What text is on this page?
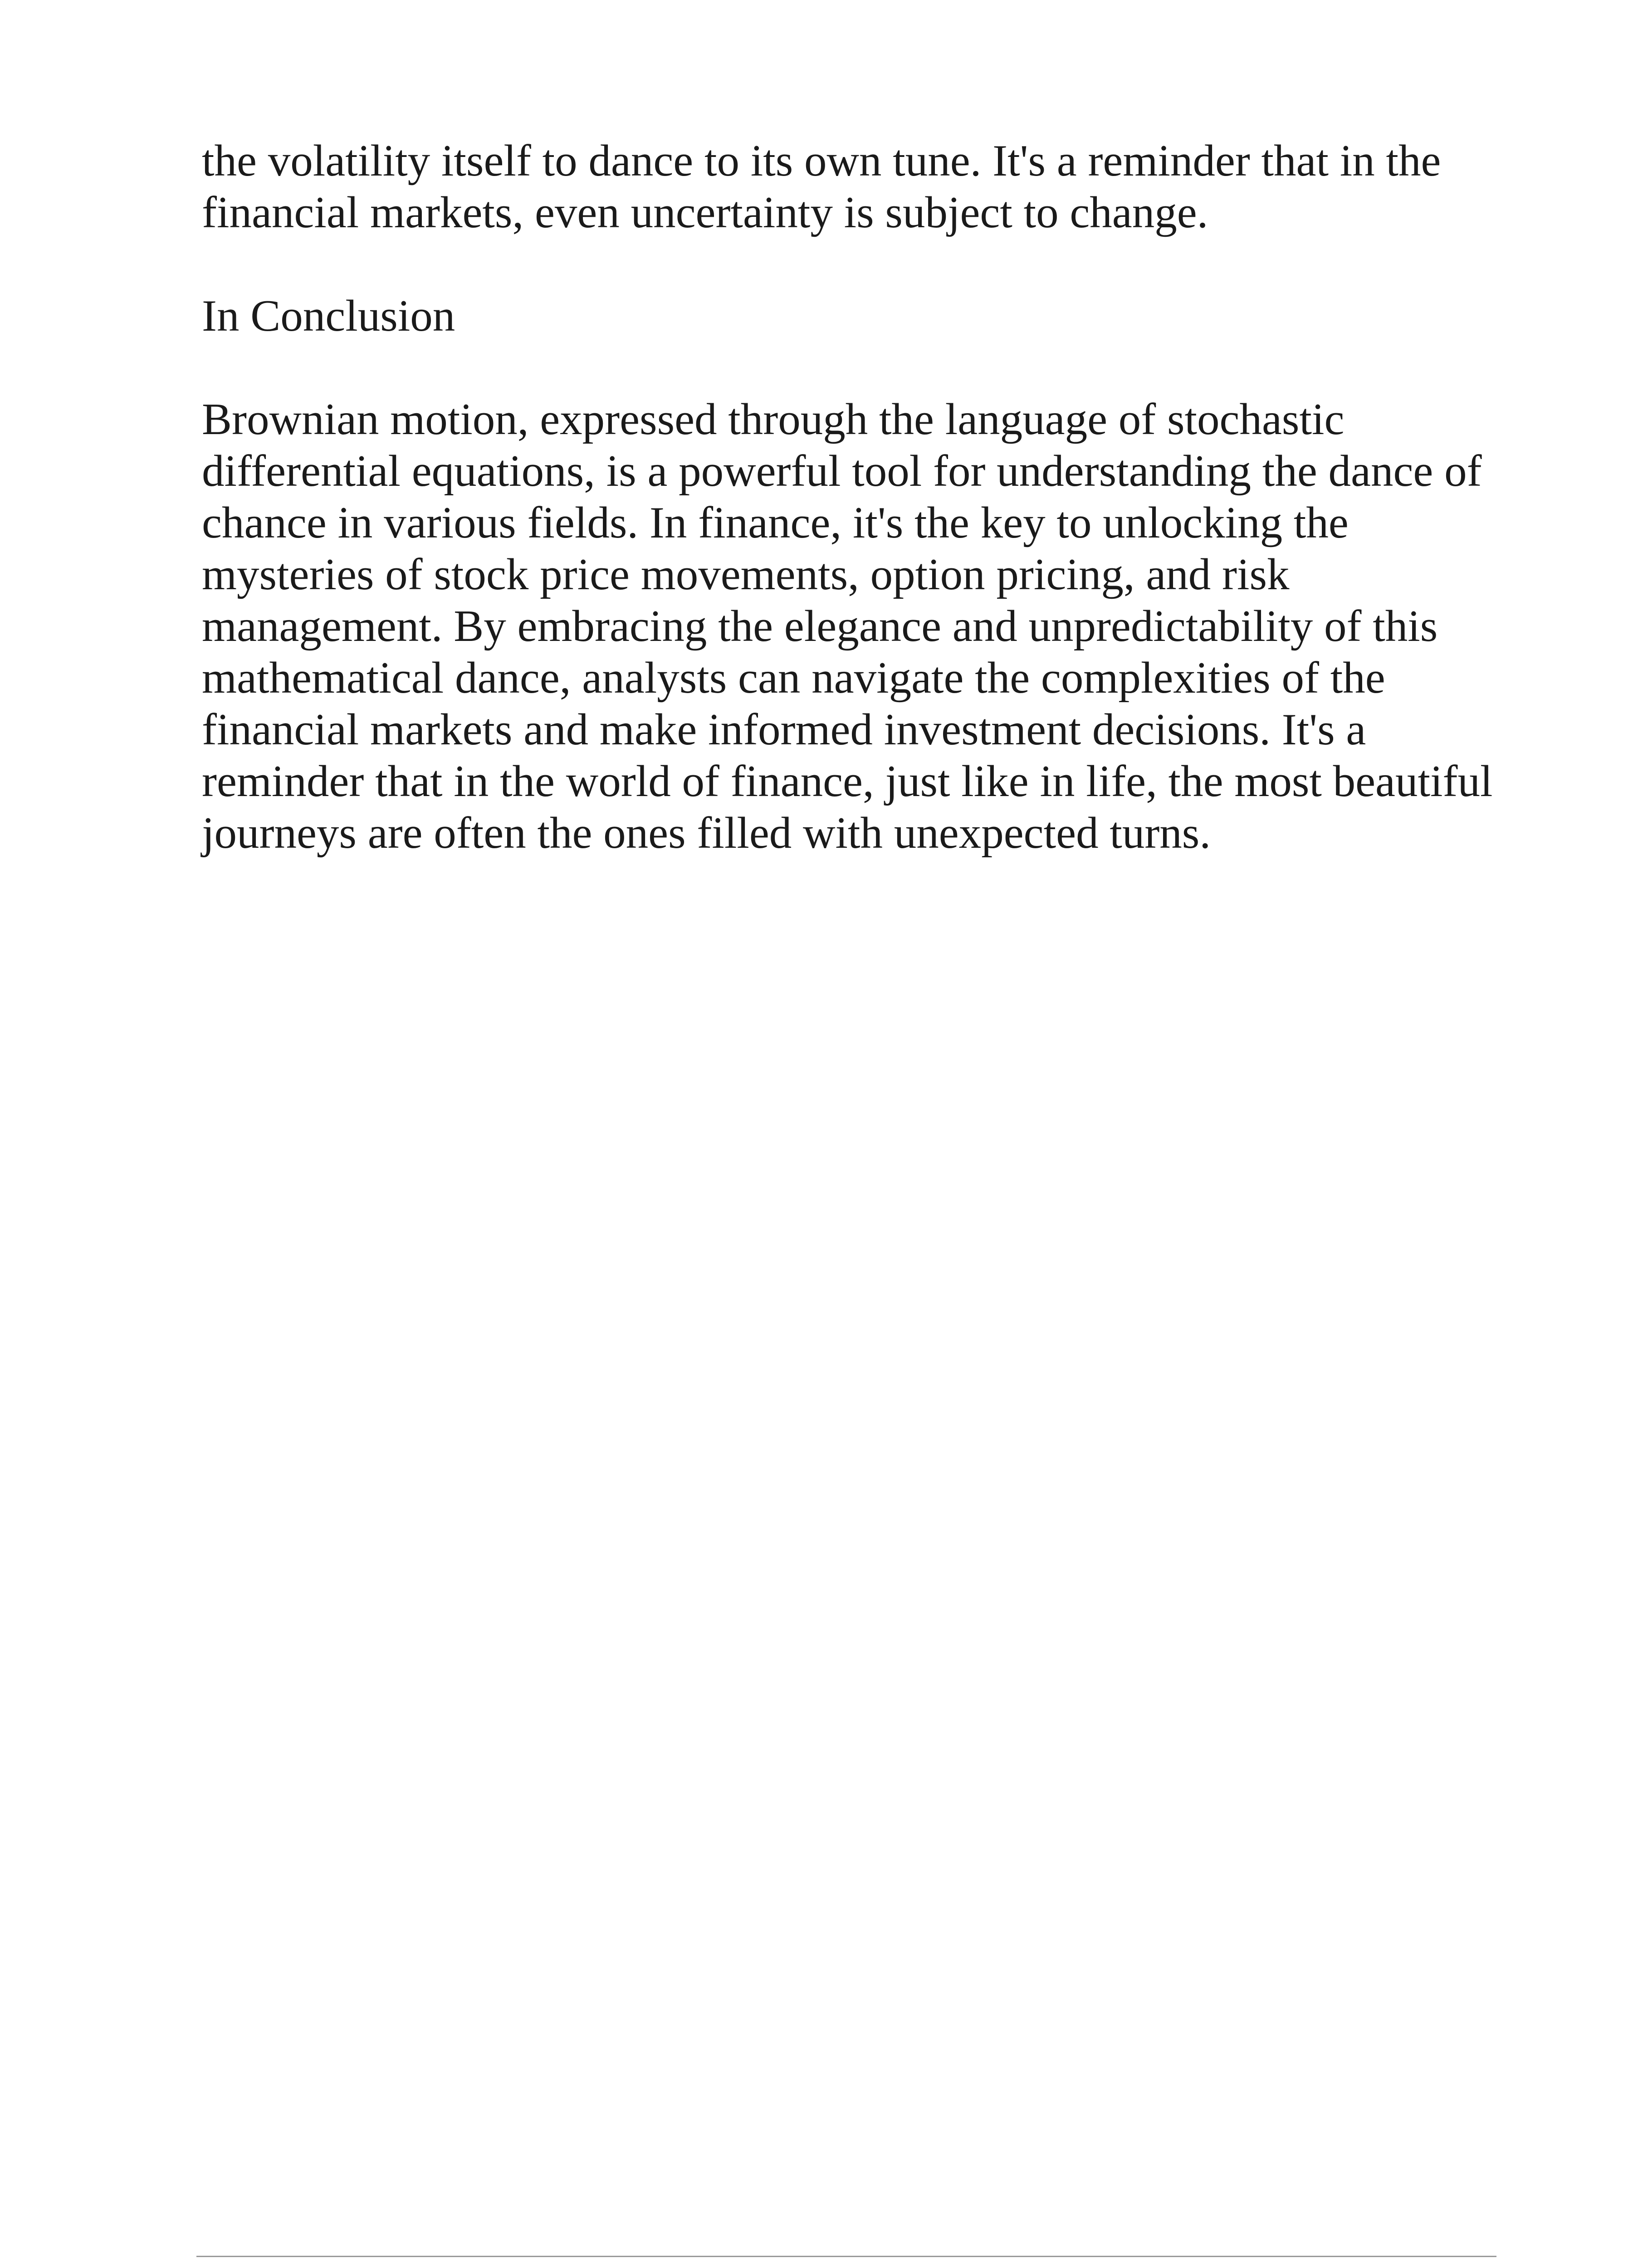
the volatility itself to dance to its own tune. It's a reminder that in the financial markets, even uncertainty is subject to change.

In Conclusion

Brownian motion, expressed through the language of stochastic differential equations, is a powerful tool for understanding the dance of chance in various fields. In finance, it's the key to unlocking the mysteries of stock price movements, option pricing, and risk management. By embracing the elegance and unpredictability of this mathematical dance, analysts can navigate the complexities of the financial markets and make informed investment decisions. It's a reminder that in the world of finance, just like in life, the most beautiful journeys are often the ones filled with unexpected turns.
